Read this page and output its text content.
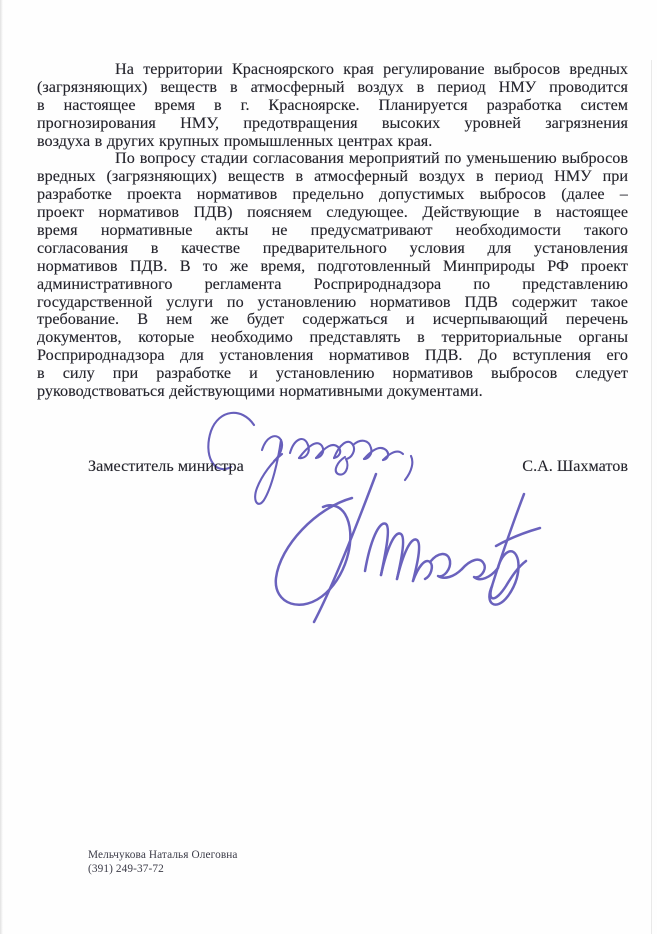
На территории Красноярского края регулирование выбросов вредных
(загрязняющих) веществ в атмосферный воздух в период НМУ проводится
в настоящее время в г. Красноярске. Планируется разработка систем
прогнозирования НМУ, предотвращения высоких уровней загрязнения
воздуха в других крупных промышленных центрах края.
По вопросу стадии согласования мероприятий по уменьшению выбросов
вредных (загрязняющих) веществ в атмосферный воздух в период НМУ при
разработке проекта нормативов предельно допустимых выбросов (далее –
проект нормативов ПДВ) поясняем следующее. Действующие в настоящее
время нормативные акты не предусматривают необходимости такого
согласования в качестве предварительного условия для установления
нормативов ПДВ. В то же время, подготовленный Минприроды РФ проект
административного регламента Росприроднадзора по представлению
государственной услуги по установлению нормативов ПДВ содержит такое
требование. В нем же будет содержаться и исчерпывающий перечень
документов, которые необходимо представлять в территориальные органы
Росприроднадзора для установления нормативов ПДВ. До вступления его
в силу при разработке и установлению нормативов выбросов следует
руководствоваться действующими нормативными документами.
Заместитель министра	С.А. Шахматов
Мельчукова Наталья Олеговна
(391) 249-37-72
